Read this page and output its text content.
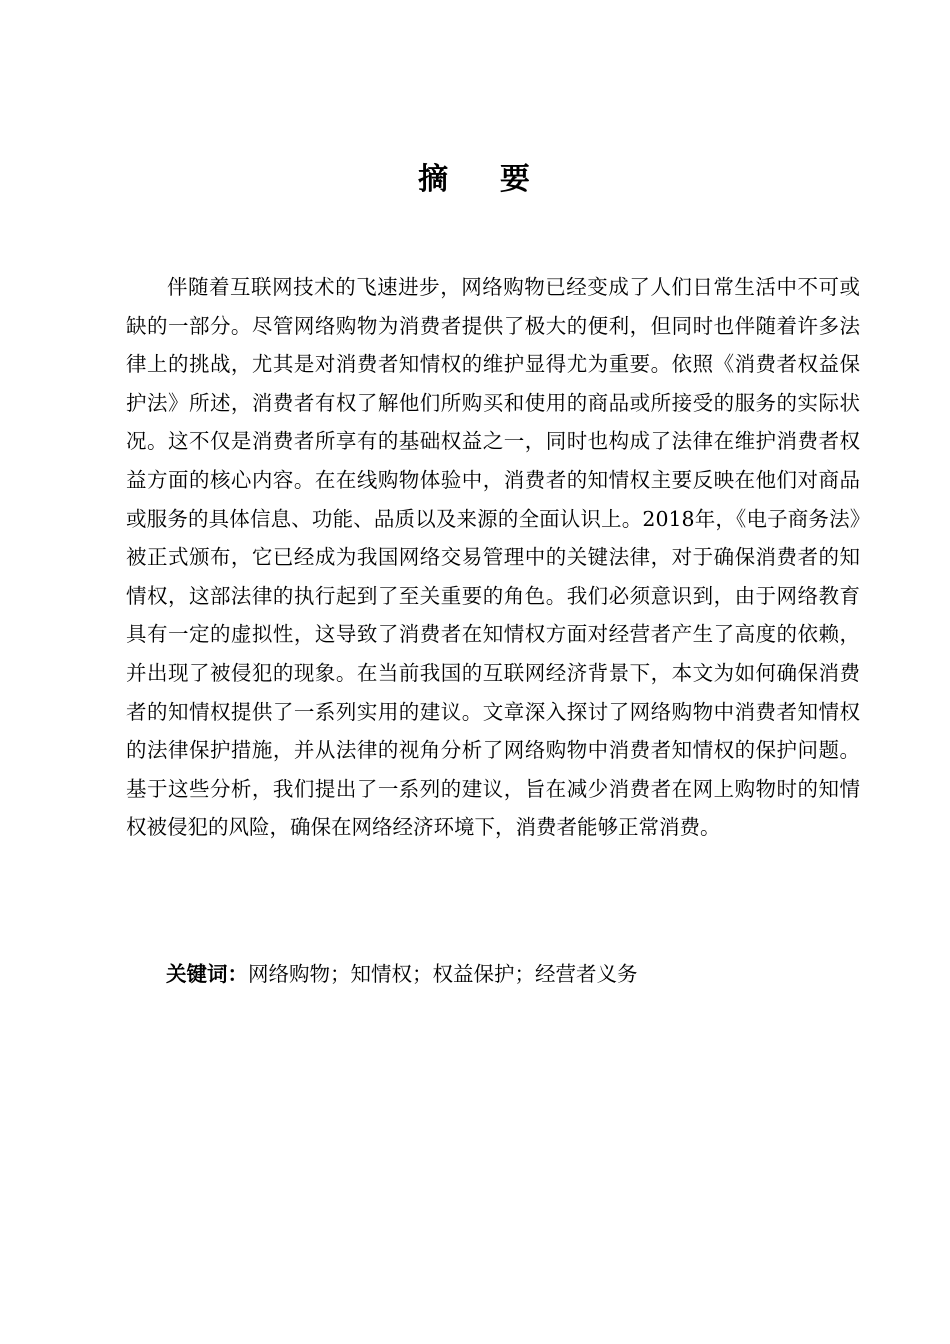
摘    要

伴随着互联网技术的飞速进步，网络购物已经变成了人们日常生活中不可或缺的一部分。尽管网络购物为消费者提供了极大的便利，但同时也伴随着许多法律上的挑战，尤其是对消费者知情权的维护显得尤为重要。依照《消费者权益保护法》所述，消费者有权了解他们所购买和使用的商品或所接受的服务的实际状况。这不仅是消费者所享有的基础权益之一，同时也构成了法律在维护消费者权益方面的核心内容。在在线购物体验中，消费者的知情权主要反映在他们对商品或服务的具体信息、功能、品质以及来源的全面认识上。2018年，《电子商务法》被正式颁布，它已经成为我国网络交易管理中的关键法律，对于确保消费者的知情权，这部法律的执行起到了至关重要的角色。我们必须意识到，由于网络教育具有一定的虚拟性，这导致了消费者在知情权方面对经营者产生了高度的依赖，并出现了被侵犯的现象。在当前我国的互联网经济背景下，本文为如何确保消费者的知情权提供了一系列实用的建议。文章深入探讨了网络购物中消费者知情权的法律保护措施，并从法律的视角分析了网络购物中消费者知情权的保护问题。基于这些分析，我们提出了一系列的建议，旨在减少消费者在网上购物时的知情权被侵犯的风险，确保在网络经济环境下，消费者能够正常消费。

关键词：网络购物；知情权；权益保护；经营者义务
